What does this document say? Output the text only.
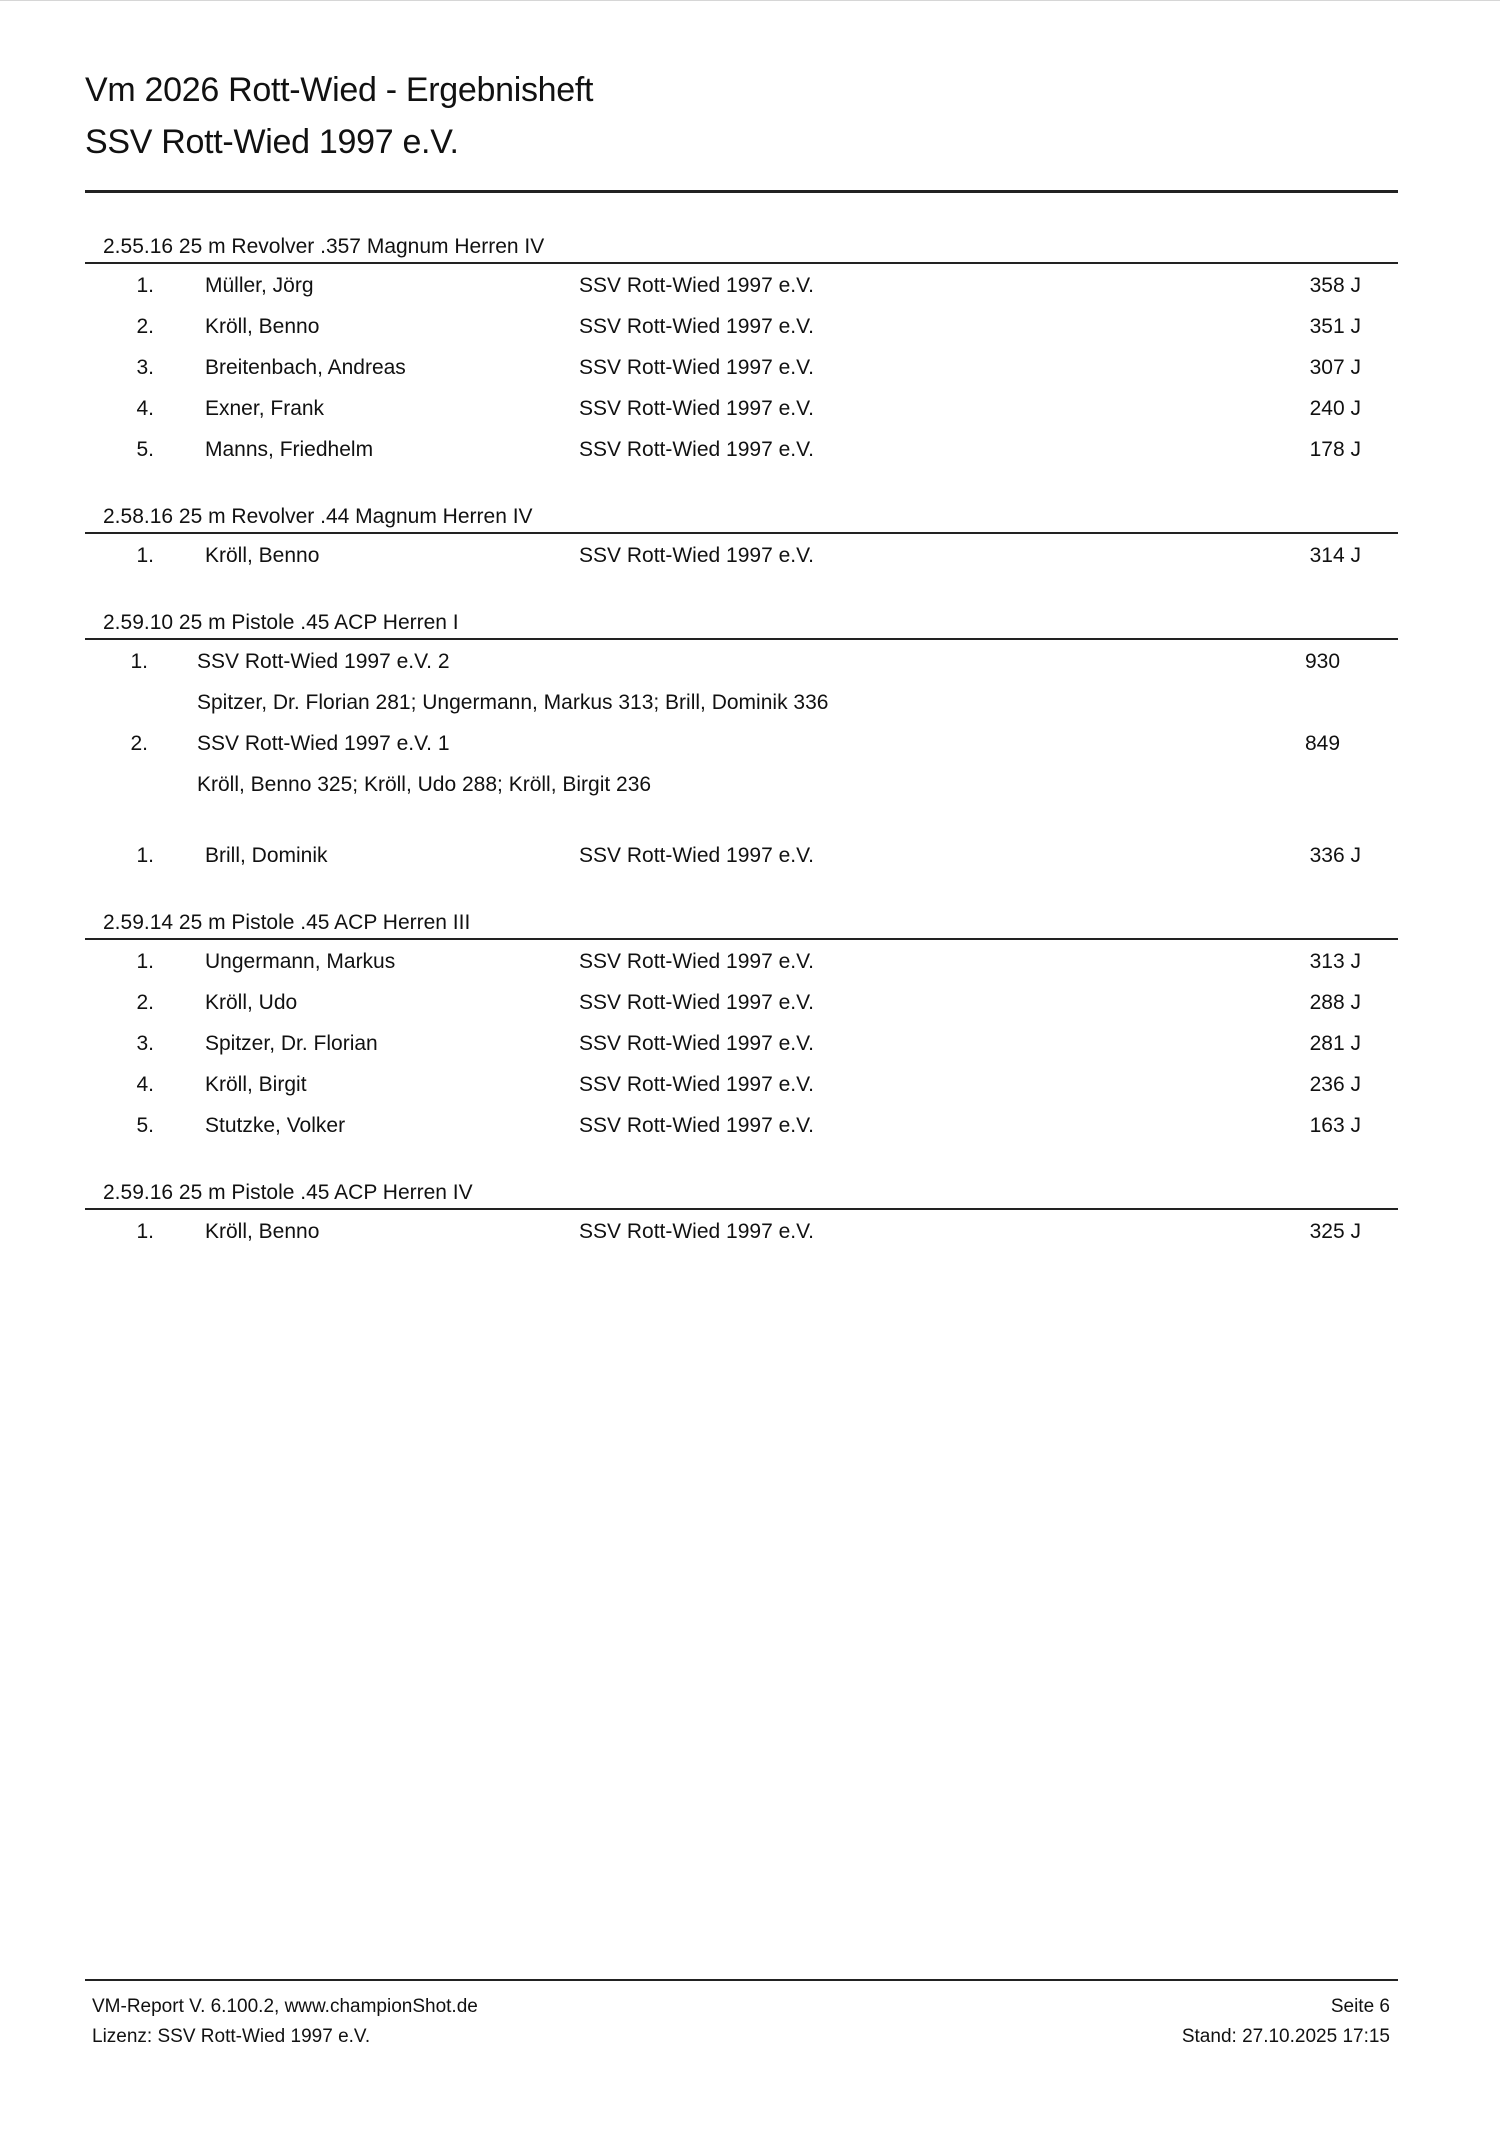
Vm 2026 Rott-Wied - Ergebnisheft
SSV Rott-Wied 1997 e.V.
2.55.16 25 m Revolver .357 Magnum Herren IV
1. Müller, Jörg	SSV Rott-Wied 1997 e.V.	358 J
2. Kröll, Benno	SSV Rott-Wied 1997 e.V.	351 J
3. Breitenbach, Andreas	SSV Rott-Wied 1997 e.V.	307 J
4. Exner, Frank	SSV Rott-Wied 1997 e.V.	240 J
5. Manns, Friedhelm	SSV Rott-Wied 1997 e.V.	178 J
2.58.16 25 m Revolver .44 Magnum Herren IV
1. Kröll, Benno	SSV Rott-Wied 1997 e.V.	314 J
2.59.10 25 m Pistole .45 ACP Herren I
1. SSV Rott-Wied 1997 e.V. 2	930
Spitzer, Dr. Florian 281; Ungermann, Markus 313; Brill, Dominik 336
2. SSV Rott-Wied 1997 e.V. 1	849
Kröll, Benno 325; Kröll, Udo 288; Kröll, Birgit 236
1. Brill, Dominik	SSV Rott-Wied 1997 e.V.	336 J
2.59.14 25 m Pistole .45 ACP Herren III
1. Ungermann, Markus	SSV Rott-Wied 1997 e.V.	313 J
2. Kröll, Udo	SSV Rott-Wied 1997 e.V.	288 J
3. Spitzer, Dr. Florian	SSV Rott-Wied 1997 e.V.	281 J
4. Kröll, Birgit	SSV Rott-Wied 1997 e.V.	236 J
5. Stutzke, Volker	SSV Rott-Wied 1997 e.V.	163 J
2.59.16 25 m Pistole .45 ACP Herren IV
1. Kröll, Benno	SSV Rott-Wied 1997 e.V.	325 J
VM-Report V. 6.100.2, www.championShot.de
Lizenz: SSV Rott-Wied 1997 e.V.
Seite 6
Stand: 27.10.2025 17:15
